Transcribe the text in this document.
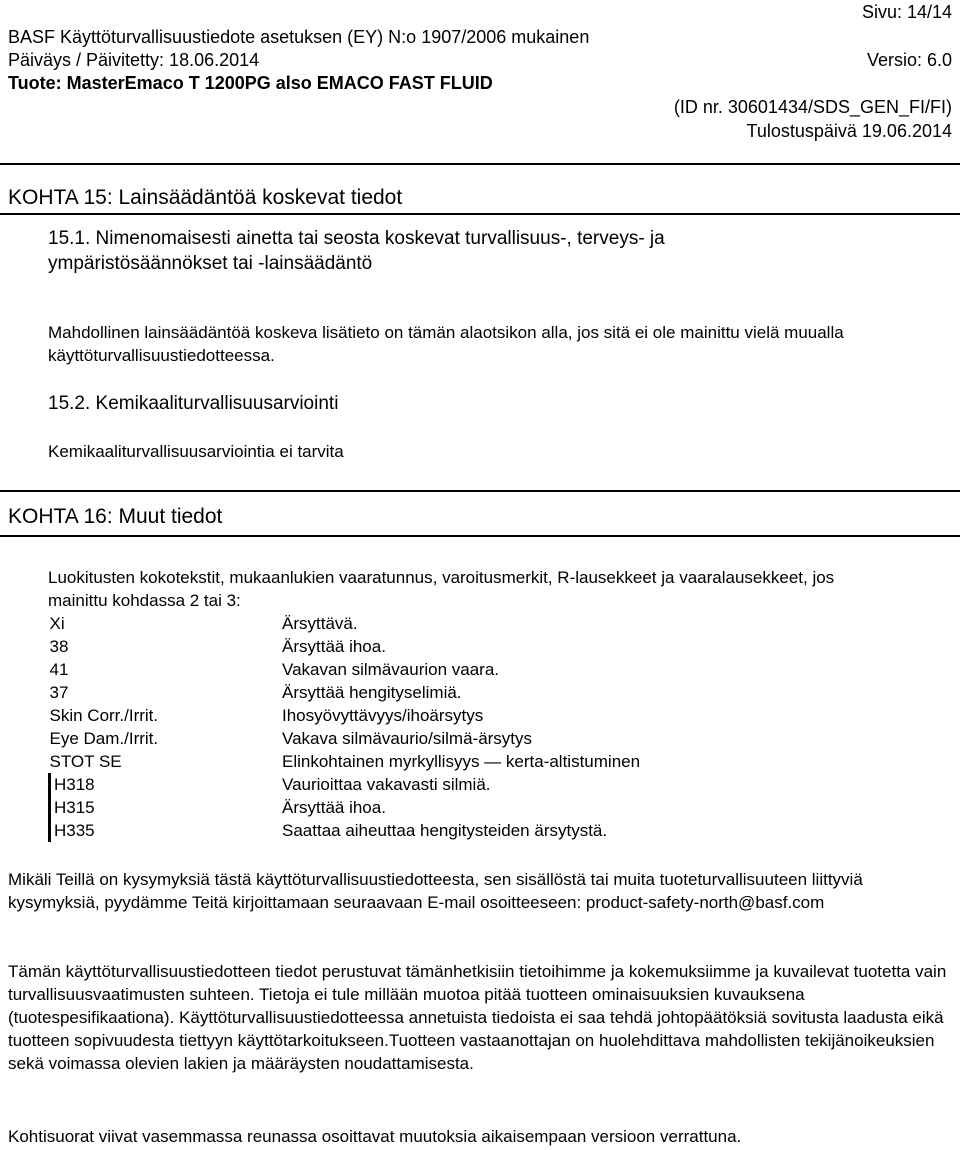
Sivu: 14/14
BASF Käyttöturvallisuustiedote asetuksen (EY) N:o 1907/2006 mukainen
Päiväys / Päivitetty: 18.06.2014	Versio: 6.0
Tuote: MasterEmaco T 1200PG also EMACO FAST FLUID
(ID nr. 30601434/SDS_GEN_FI/FI)
Tulostuspäivä 19.06.2014
KOHTA 15: Lainsäädäntöä koskevat tiedot
15.1. Nimenomaisesti ainetta tai seosta koskevat turvallisuus-, terveys- ja ympäristösäännökset tai -lainsäädäntö
Mahdollinen lainsäädäntöä koskeva lisätieto on tämän alaotsikon alla, jos sitä ei ole mainittu vielä muualla käyttöturvallisuustiedotteessa.
15.2. Kemikaaliturvallisuusarviointi
Kemikaaliturvallisuusarviointia ei tarvita
KOHTA 16: Muut tiedot
Luokitusten kokotekstit, mukaanlukien vaaratunnus, varoitusmerkit, R-lausekkeet ja vaaralausekkeet, jos mainittu kohdassa 2 tai 3:
Xi	Ärsyttävä.
38	Ärsyttää ihoa.
41	Vakavan silmävaurion vaara.
37	Ärsyttää hengityselimiä.
Skin Corr./Irrit.	Ihosyövyttävyys/ihoärsytys
Eye Dam./Irrit.	Vakava silmävaurio/silmä-ärsytys
STOT SE	Elinkohtainen myrkyllisyys — kerta-altistuminen
H318	Vaurioittaa vakavasti silmiä.
H315	Ärsyttää ihoa.
H335	Saattaa aiheuttaa hengitysteiden ärsytystä.
Mikäli Teillä on kysymyksiä tästä käyttöturvallisuustiedotteesta, sen sisällöstä tai muita tuoteturvallisuuteen liittyviä kysymyksiä, pyydämme Teitä kirjoittamaan seuraavaan E-mail osoitteeseen: product-safety-north@basf.com
Tämän käyttöturvallisuustiedotteen tiedot perustuvat tämänhetkisiin tietoihimme ja kokemuksiimme ja kuvailevat tuotetta vain turvallisuusvaatimusten suhteen. Tietoja ei tule millään muotoa pitää tuotteen ominaisuuksien kuvauksena (tuotespesifikaationa). Käyttöturvallisuustiedotteessa annetuista tiedoista ei saa tehdä johtopäätöksiä sovitusta laadusta eikä tuotteen sopivuudesta tiettyyn käyttötarkoitukseen.Tuotteen vastaanottajan on huolehdittava mahdollisten tekijänoikeuksien sekä voimassa olevien lakien ja määräysten noudattamisesta.
Kohtisuorat viivat vasemmassa reunassa osoittavat muutoksia aikaisempaan versioon verrattuna.
